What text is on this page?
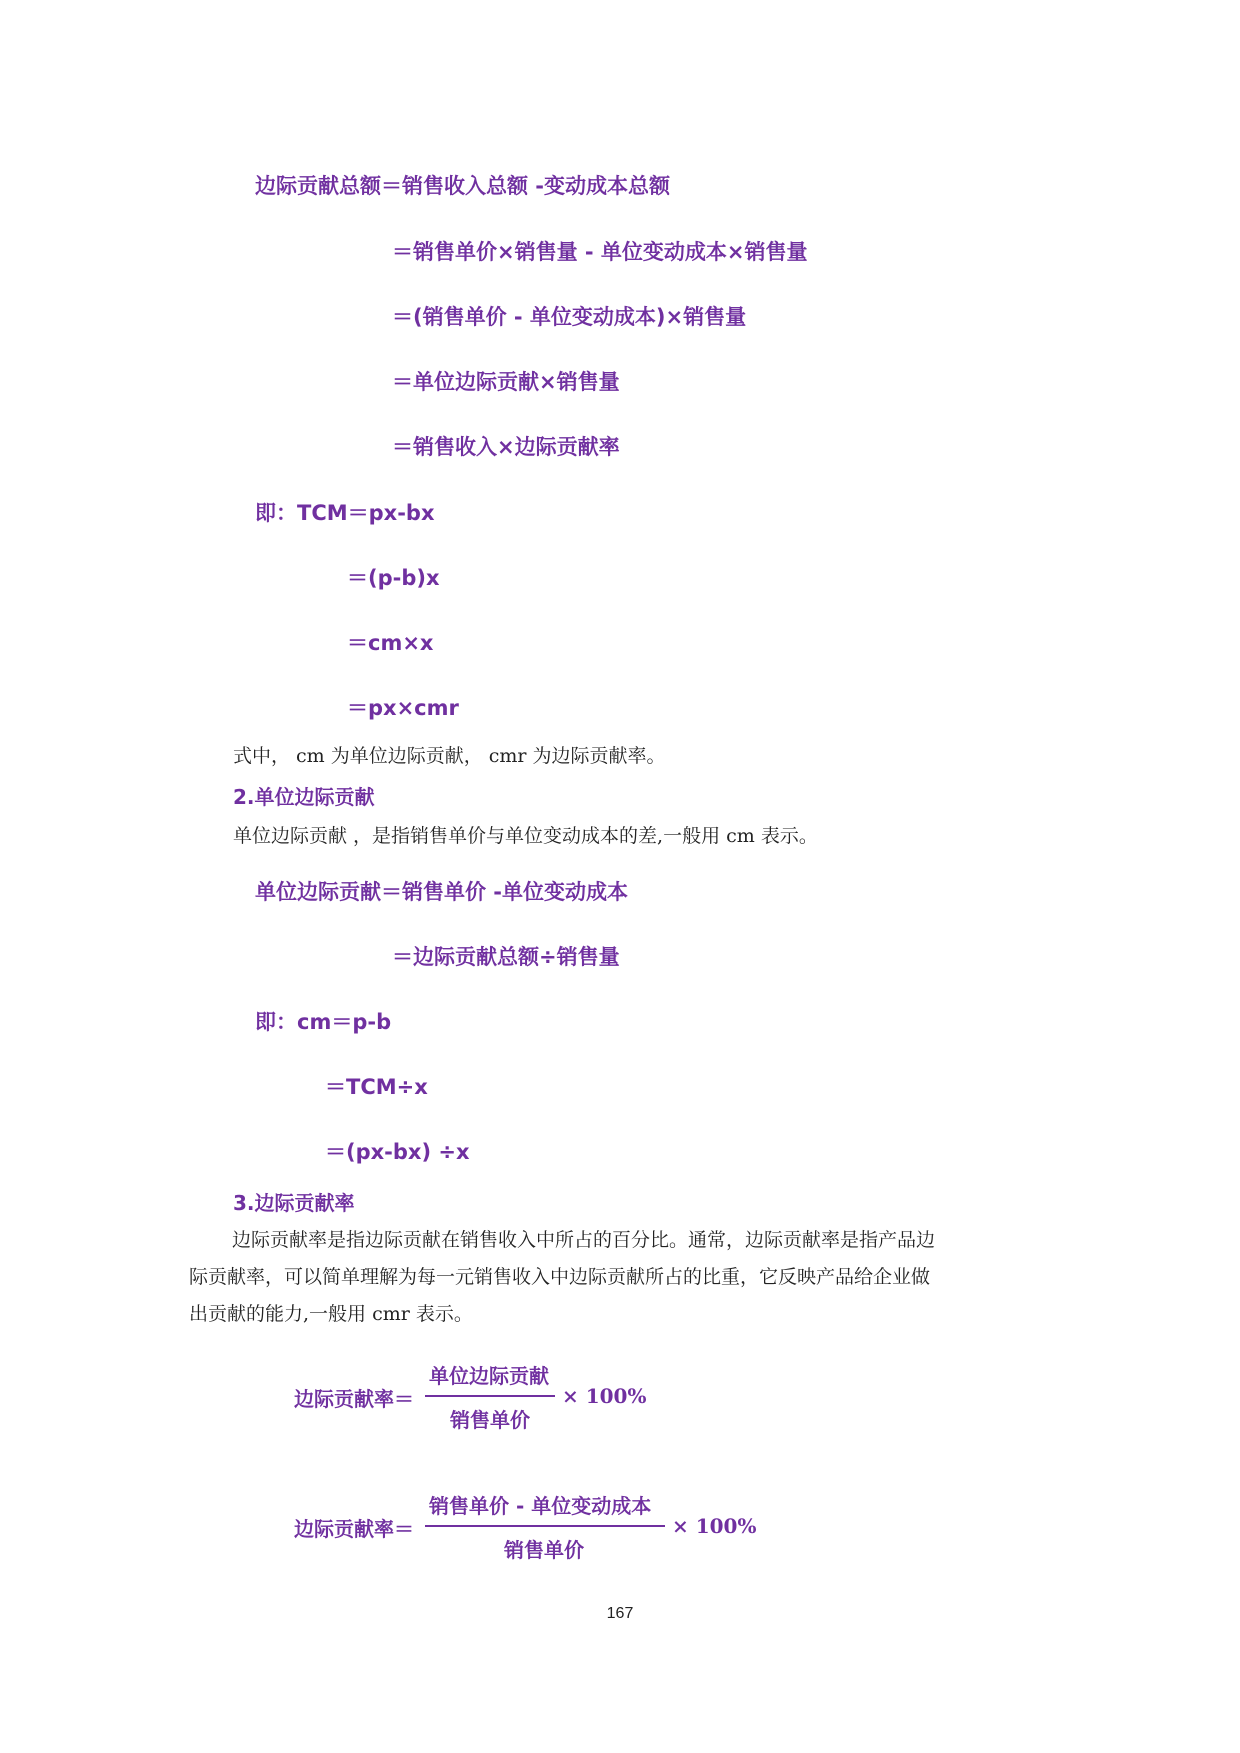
边际贡献总额＝销售收入总额 -变动成本总额
＝销售单价×销售量 - 单位变动成本×销售量
＝(销售单价 - 单位变动成本)×销售量
＝单位边际贡献×销售量
＝销售收入×边际贡献率
即：TCM＝px-bx
＝(p-b)x
＝cm×x
＝px×cmr
式中， cm 为单位边际贡献， cmr 为边际贡献率。
2.单位边际贡献
单位边际贡献 ，是指销售单价与单位变动成本的差,一般用 cm 表示。
单位边际贡献＝销售单价 -单位变动成本
＝边际贡献总额÷销售量
即：cm＝p-b
＝TCM÷x
＝(px-bx) ÷x
3.边际贡献率
边际贡献率是指边际贡献在销售收入中所占的百分比。通常，边际贡献率是指产品边
际贡献率，可以简单理解为每一元销售收入中边际贡献所占的比重，它反映产品给企业做
出贡献的能力,一般用 cmr 表示。
边际贡献率＝
单位边际贡献
销售单价
× 100%
边际贡献率＝
销售单价 - 单位变动成本
销售单价
× 100%
167
